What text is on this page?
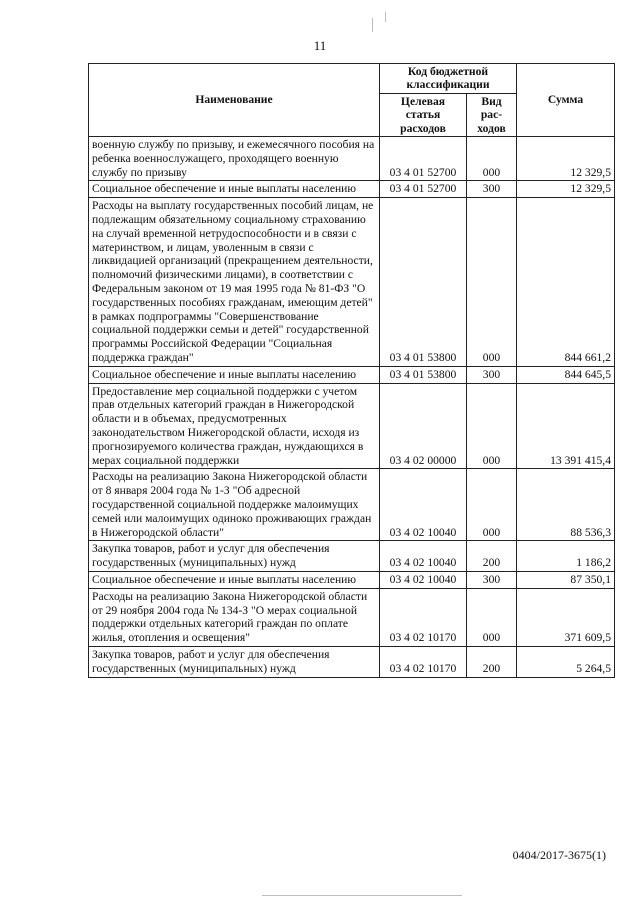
11
Наименование	Код бюджетной классификации		Сумма
	Целевая статья расходов	Вид рас-ходов	
военную службу по призыву, и ежемесячного пособия на ребенка военнослужащего, проходящего военную службу по призыву	03 4 01 52700	000	12 329,5
Социальное обеспечение и иные выплаты населению	03 4 01 52700	300	12 329,5
Расходы на выплату государственных пособий лицам, не подлежащим обязательному социальному страхованию на случай временной нетрудоспособности и в связи с материнством, и лицам, уволенным в связи с ликвидацией организаций (прекращением деятельности, полномочий физическими лицами), в соответствии с Федеральным законом от 19 мая 1995 года № 81-ФЗ "О государственных пособиях гражданам, имеющим детей" в рамках подпрограммы "Совершенствование социальной поддержки семьи и детей" государственной программы Российской Федерации "Социальная поддержка граждан"	03 4 01 53800	000	844 661,2
Социальное обеспечение и иные выплаты населению	03 4 01 53800	300	844 645,5
Предоставление мер социальной поддержки с учетом прав отдельных категорий граждан в Нижегородской области и в объемах, предусмотренных законодательством Нижегородской области, исходя из прогнозируемого количества граждан, нуждающихся в мерах социальной поддержки	03 4 02 00000	000	13 391 415,4
Расходы на реализацию Закона Нижегородской области от 8 января 2004 года № 1-З "Об адресной государственной социальной поддержке малоимущих семей или малоимущих одиноко проживающих граждан в Нижегородской области"	03 4 02 10040	000	88 536,3
Закупка товаров, работ и услуг для обеспечения государственных (муниципальных) нужд	03 4 02 10040	200	1 186,2
Социальное обеспечение и иные выплаты населению	03 4 02 10040	300	87 350,1
Расходы на реализацию Закона Нижегородской области от 29 ноября 2004 года № 134-З "О мерах социальной поддержки отдельных категорий граждан по оплате жилья, отопления и освещения"	03 4 02 10170	000	371 609,5
Закупка товаров, работ и услуг для обеспечения государственных (муниципальных) нужд	03 4 02 10170	200	5 264,5
0404/2017-3675(1)
